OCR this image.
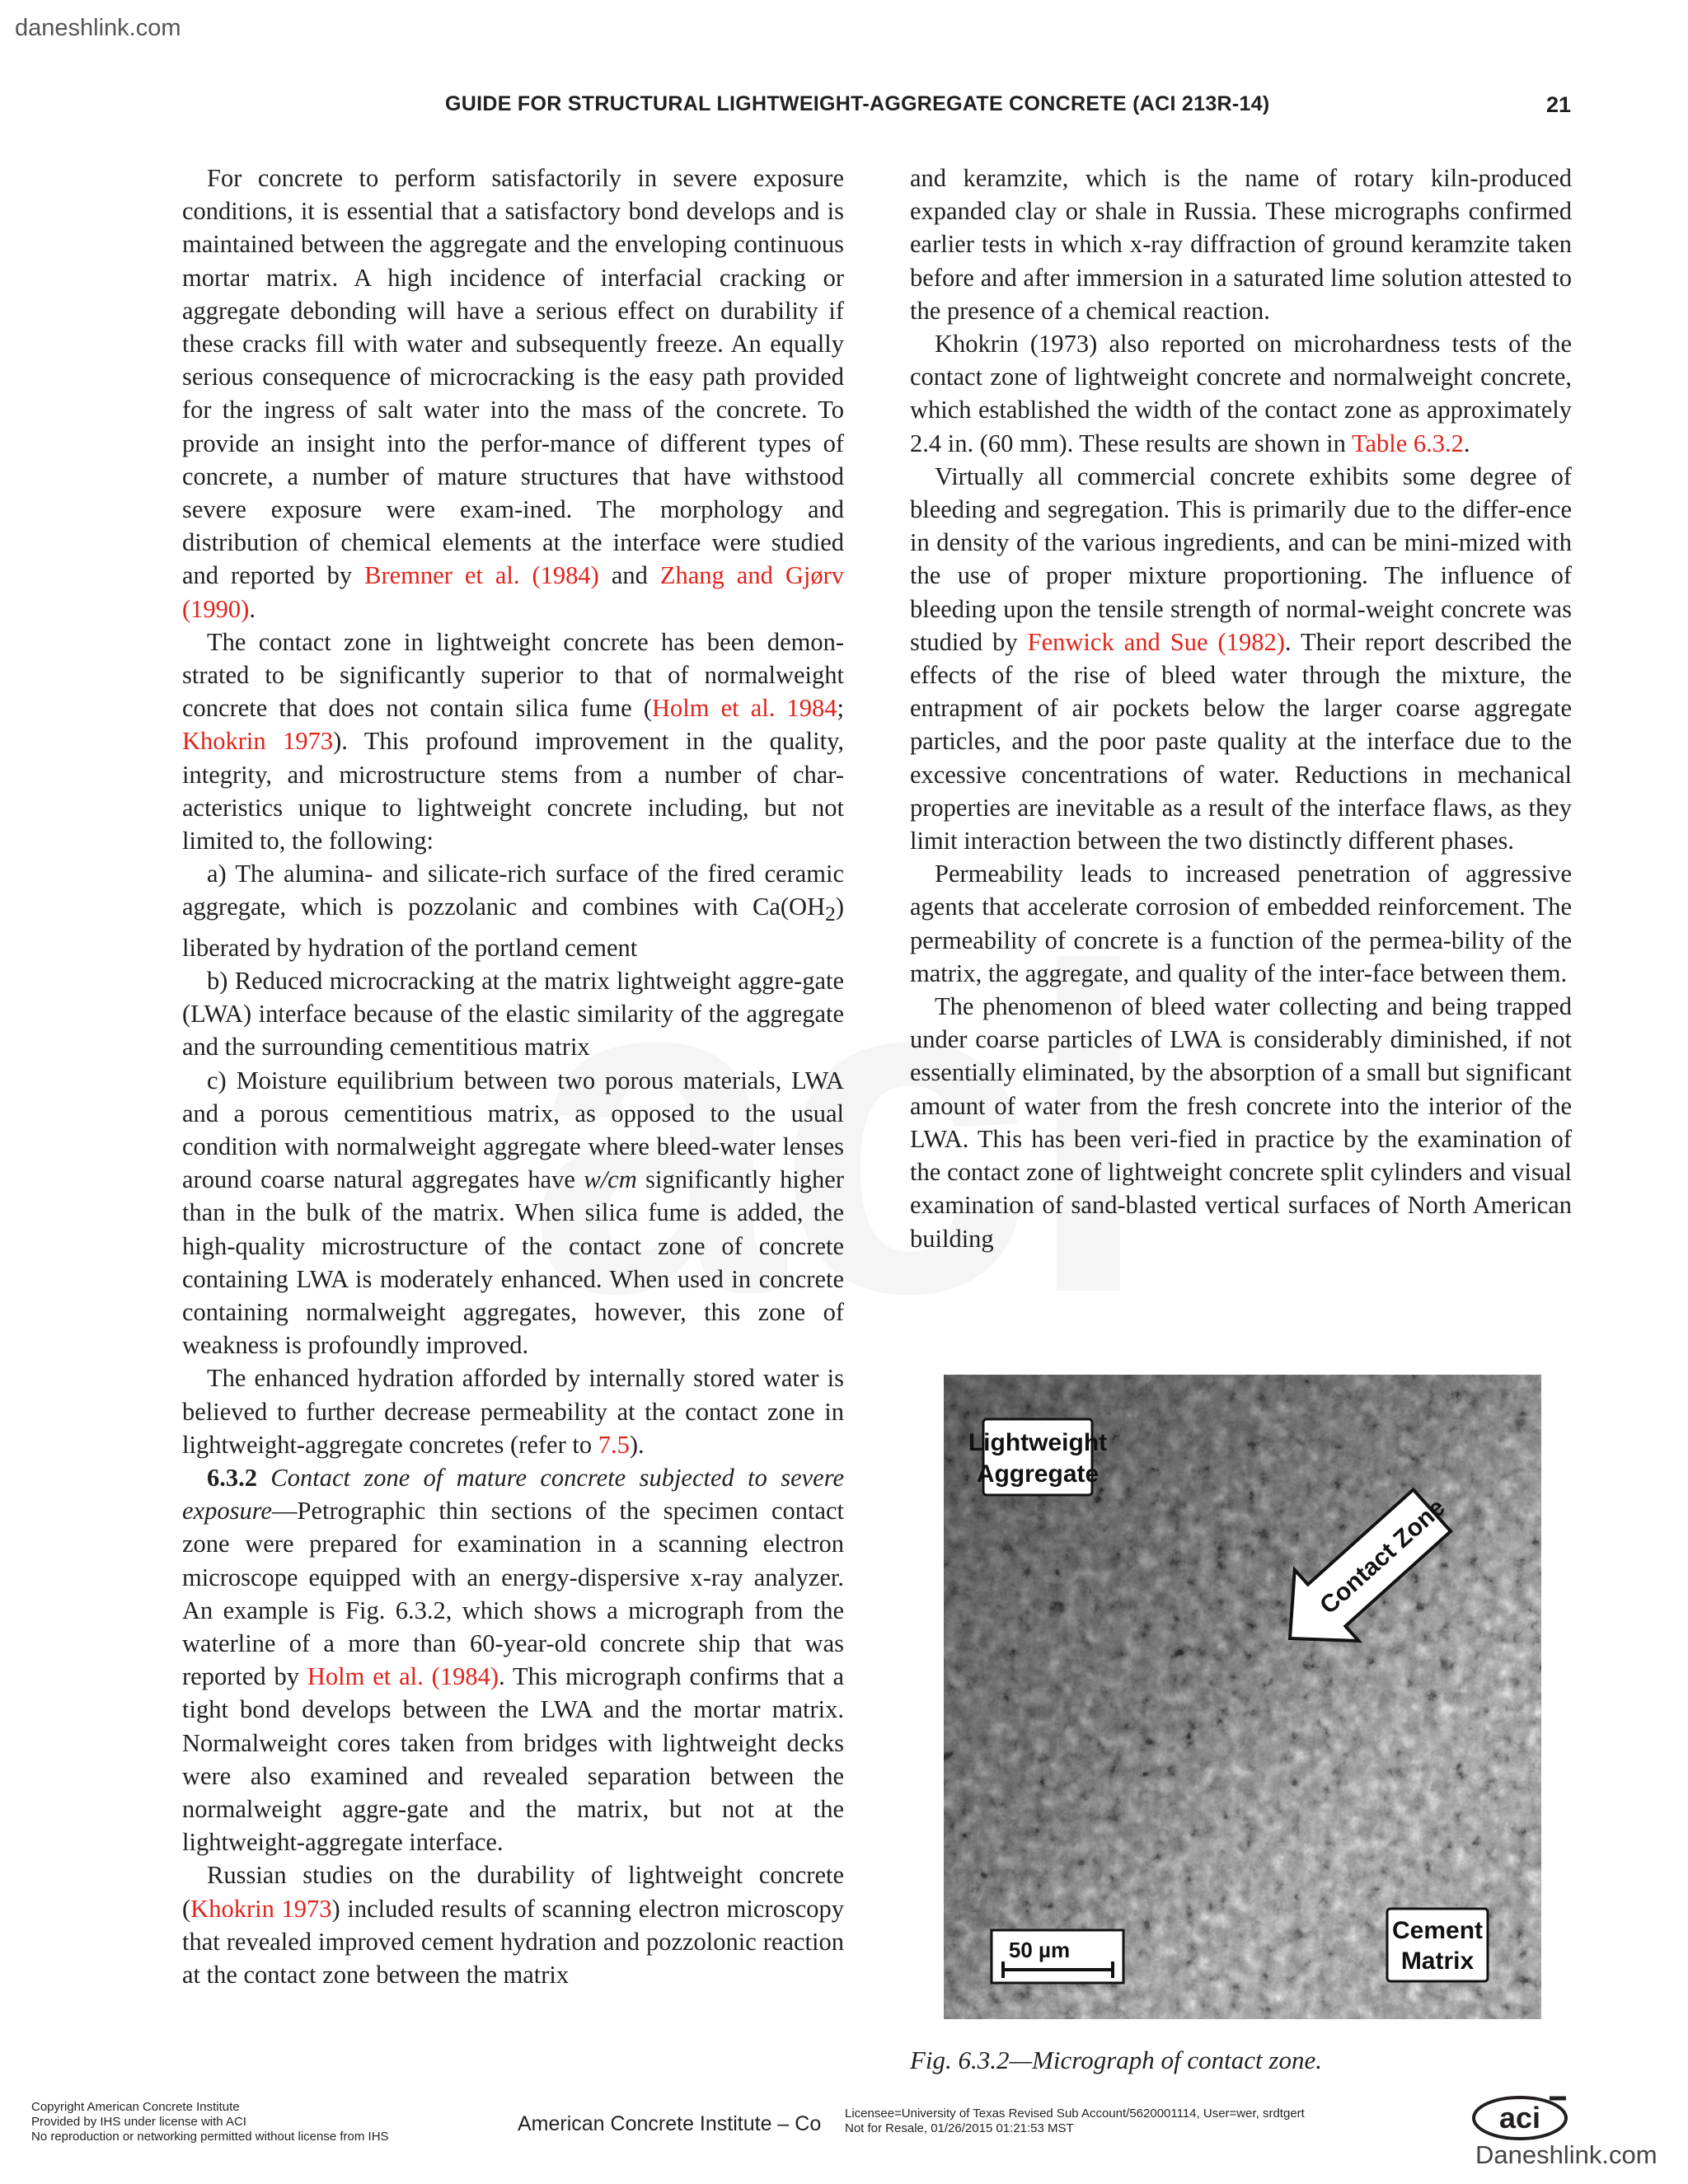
daneshlink.com
GUIDE FOR STRUCTURAL LIGHTWEIGHT-AGGREGATE CONCRETE (ACI 213R-14)	21

For concrete to perform satisfactorily in severe exposure conditions, it is essential that a satisfactory bond develops and is maintained between the aggregate and the enveloping continuous mortar matrix. A high incidence of interfacial cracking or aggregate debonding will have a serious effect on durability if these cracks fill with water and subsequently freeze. An equally serious consequence of microcracking is the easy path provided for the ingress of salt water into the mass of the concrete. To provide an insight into the perfor-mance of different types of concrete, a number of mature structures that have withstood severe exposure were exam-ined. The morphology and distribution of chemical elements at the interface were studied and reported by Bremner et al. (1984) and Zhang and Gjørv (1990).

The contact zone in lightweight concrete has been demon-strated to be significantly superior to that of normalweight concrete that does not contain silica fume (Holm et al. 1984; Khokrin 1973). This profound improvement in the quality, integrity, and microstructure stems from a number of char-acteristics unique to lightweight concrete including, but not limited to, the following:

a) The alumina- and silicate-rich surface of the fired ceramic aggregate, which is pozzolanic and combines with $Ca(OH_2)$ liberated by hydration of the portland cement

b) Reduced microcracking at the matrix lightweight aggre-gate (LWA) interface because of the elastic similarity of the aggregate and the surrounding cementitious matrix

c) Moisture equilibrium between two porous materials, LWA and a porous cementitious matrix, as opposed to the usual condition with normalweight aggregate where bleed-water lenses around coarse natural aggregates have w/cm significantly higher than in the bulk of the matrix. When silica fume is added, the high-quality microstructure of the contact zone of concrete containing LWA is moderately enhanced. When used in concrete containing normalweight aggregates, however, this zone of weakness is profoundly improved.

The enhanced hydration afforded by internally stored water is believed to further decrease permeability at the contact zone in lightweight-aggregate concretes (refer to 7.5).

6.3.2 Contact zone of mature concrete subjected to severe exposure—Petrographic thin sections of the specimen contact zone were prepared for examination in a scanning electron microscope equipped with an energy-dispersive x-ray analyzer. An example is Fig. 6.3.2, which shows a micrograph from the waterline of a more than 60-year-old concrete ship that was reported by Holm et al. (1984). This micrograph confirms that a tight bond develops between the LWA and the mortar matrix. Normalweight cores taken from bridges with lightweight decks were also examined and revealed separation between the normalweight aggre-gate and the matrix, but not at the lightweight-aggregate interface.

Russian studies on the durability of lightweight concrete (Khokrin 1973) included results of scanning electron microscopy that revealed improved cement hydration and pozzolonic reaction at the contact zone between the matrix

and keramzite, which is the name of rotary kiln-produced expanded clay or shale in Russia. These micrographs confirmed earlier tests in which x-ray diffraction of ground keramzite taken before and after immersion in a saturated lime solution attested to the presence of a chemical reaction.

Khokrin (1973) also reported on microhardness tests of the contact zone of lightweight concrete and normalweight concrete, which established the width of the contact zone as approximately 2.4 in. (60 mm). These results are shown in Table 6.3.2.

Virtually all commercial concrete exhibits some degree of bleeding and segregation. This is primarily due to the differ-ence in density of the various ingredients, and can be mini-mized with the use of proper mixture proportioning. The influence of bleeding upon the tensile strength of normal-weight concrete was studied by Fenwick and Sue (1982). Their report described the effects of the rise of bleed water through the mixture, the entrapment of air pockets below the larger coarse aggregate particles, and the poor paste quality at the interface due to the excessive concentrations of water. Reductions in mechanical properties are inevitable as a result of the interface flaws, as they limit interaction between the two distinctly different phases.

Permeability leads to increased penetration of aggressive agents that accelerate corrosion of embedded reinforcement. The permeability of concrete is a function of the permea-bility of the matrix, the aggregate, and quality of the inter-face between them.

The phenomenon of bleed water collecting and being trapped under coarse particles of LWA is considerably diminished, if not essentially eliminated, by the absorption of a small but significant amount of water from the fresh concrete into the interior of the LWA. This has been veri-fied in practice by the examination of the contact zone of lightweight concrete split cylinders and visual examination of sand-blasted vertical surfaces of North American building

Lightweight
Aggregate
Contact Zone
Cement
Matrix
50 µm
Fig. 6.3.2—Micrograph of contact zone.
Copyright American Concrete Institute
Provided by IHS under license with ACI
No reproduction or networking permitted without license from IHS
American Concrete Institute – Co Licensee=University of Texas Revised Sub Account/5620001114, User=wer, srdtgert
Not for Resale, 01/26/2015 01:21:53 MST	aci
Daneshlink.com
